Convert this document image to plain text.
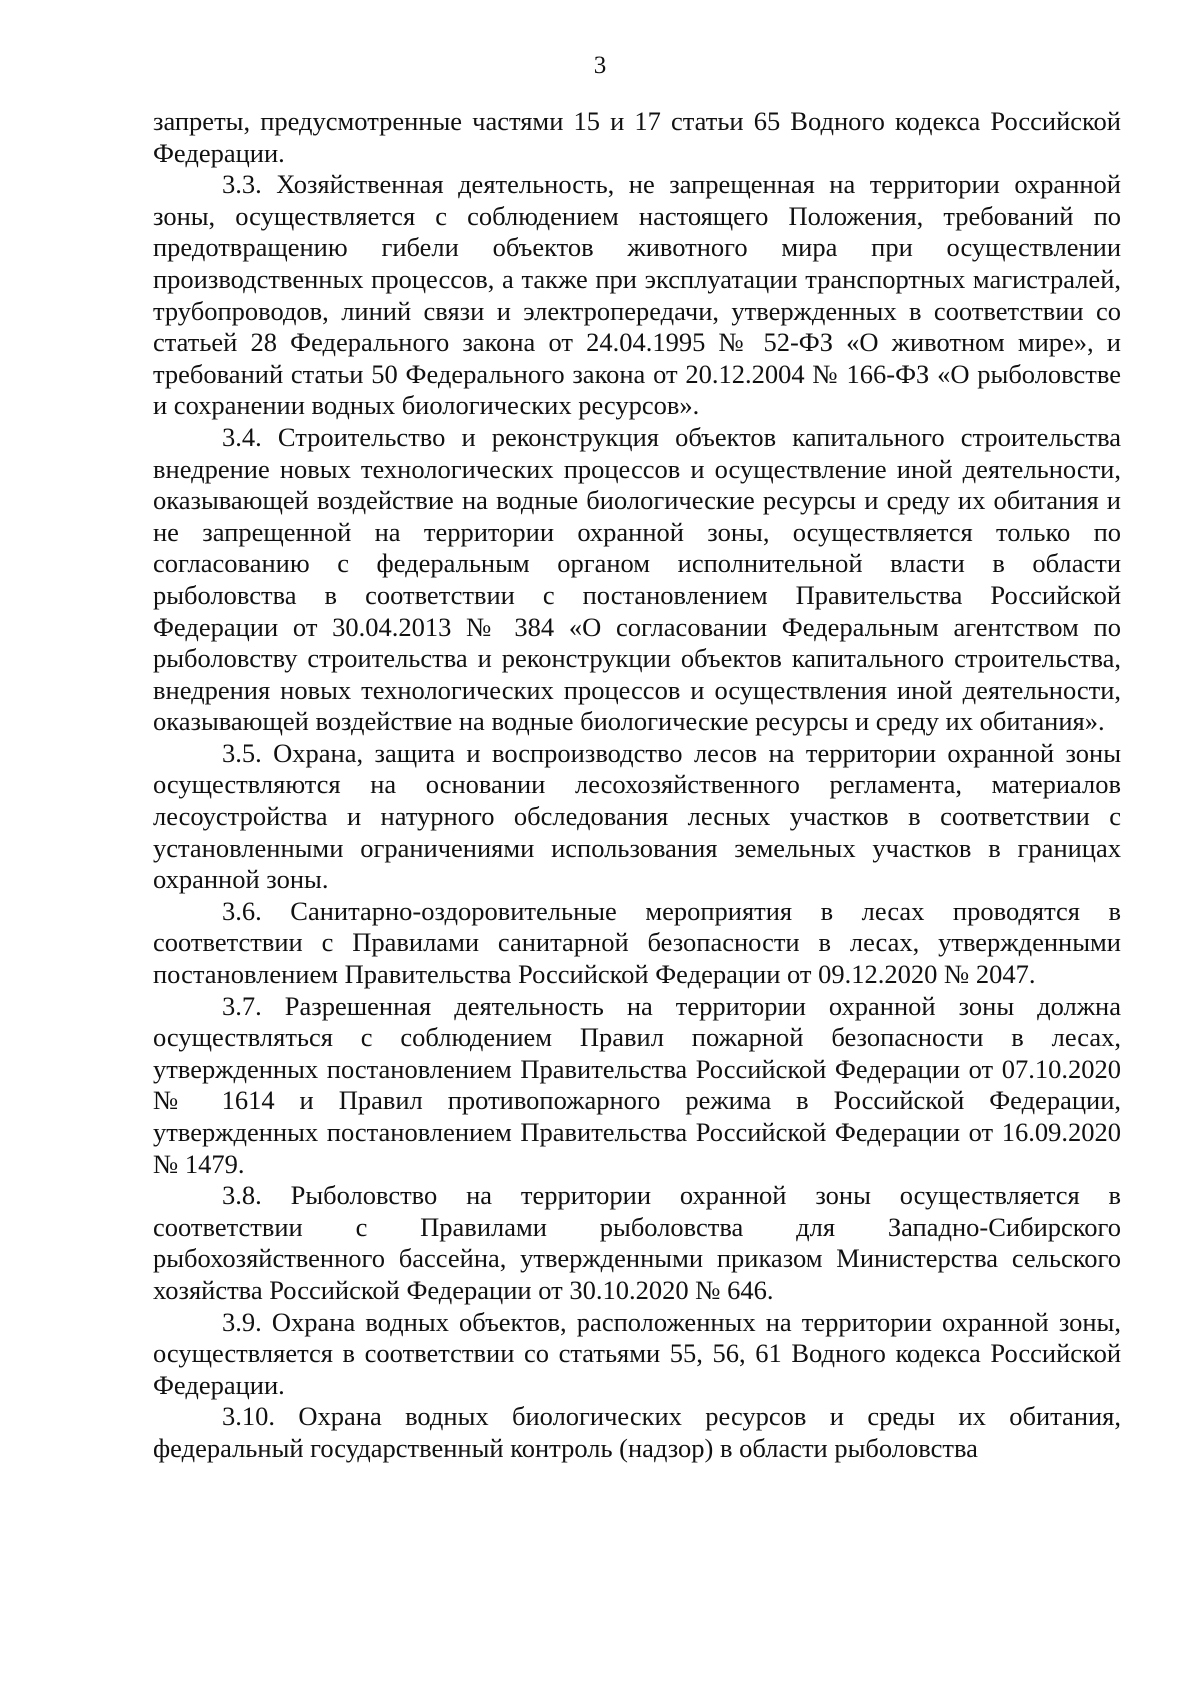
3

запреты, предусмотренные частями 15 и 17 статьи 65 Водного кодекса Российской Федерации.

3.3. Хозяйственная деятельность, не запрещенная на территории охранной зоны, осуществляется с соблюдением настоящего Положения, требований по предотвращению гибели объектов животного мира при осуществлении производственных процессов, а также при эксплуатации транспортных магистралей, трубопроводов, линий связи и электропередачи, утвержденных в соответствии со статьей 28 Федерального закона от 24.04.1995 № 52-ФЗ «О животном мире», и требований статьи 50 Федерального закона от 20.12.2004 № 166-ФЗ «О рыболовстве и сохранении водных биологических ресурсов».

3.4. Строительство и реконструкция объектов капитального строительства внедрение новых технологических процессов и осуществление иной деятельности, оказывающей воздействие на водные биологические ресурсы и среду их обитания и не запрещенной на территории охранной зоны, осуществляется только по согласованию с федеральным органом исполнительной власти в области рыболовства в соответствии с постановлением Правительства Российской Федерации от 30.04.2013 № 384 «О согласовании Федеральным агентством по рыболовству строительства и реконструкции объектов капитального строительства, внедрения новых технологических процессов и осуществления иной деятельности, оказывающей воздействие на водные биологические ресурсы и среду их обитания».

3.5. Охрана, защита и воспроизводство лесов на территории охранной зоны осуществляются на основании лесохозяйственного регламента, материалов лесоустройства и натурного обследования лесных участков в соответствии с установленными ограничениями использования земельных участков в границах охранной зоны.

3.6. Санитарно-оздоровительные мероприятия в лесах проводятся в соответствии с Правилами санитарной безопасности в лесах, утвержденными постановлением Правительства Российской Федерации от 09.12.2020 № 2047.

3.7. Разрешенная деятельность на территории охранной зоны должна осуществляться с соблюдением Правил пожарной безопасности в лесах, утвержденных постановлением Правительства Российской Федерации от 07.10.2020 № 1614 и Правил противопожарного режима в Российской Федерации, утвержденных постановлением Правительства Российской Федерации от 16.09.2020 № 1479.

3.8. Рыболовство на территории охранной зоны осуществляется в соответствии с Правилами рыболовства для Западно-Сибирского рыбохозяйственного бассейна, утвержденными приказом Министерства сельского хозяйства Российской Федерации от 30.10.2020 № 646.

3.9. Охрана водных объектов, расположенных на территории охранной зоны, осуществляется в соответствии со статьями 55, 56, 61 Водного кодекса Российской Федерации.

3.10. Охрана водных биологических ресурсов и среды их обитания, федеральный государственный контроль (надзор) в области рыболовства
